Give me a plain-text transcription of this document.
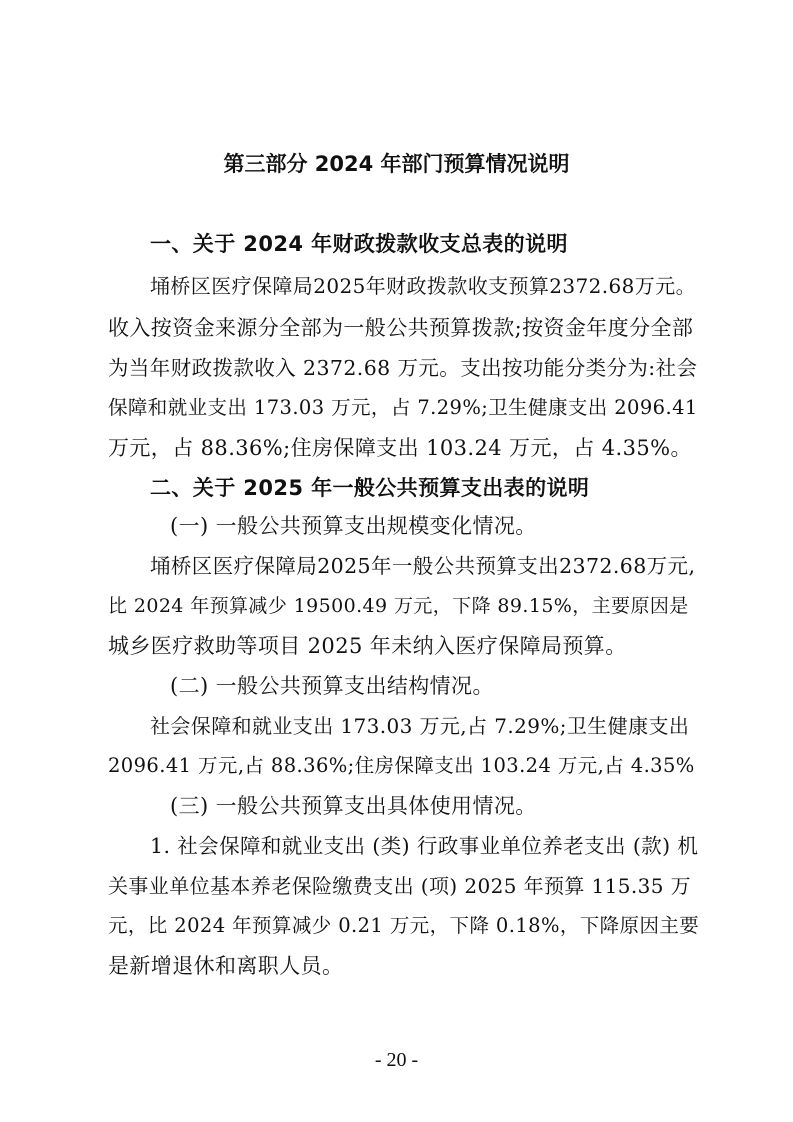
第三部分 2024 年部门预算情况说明
一、关于 2024 年财政拨款收支总表的说明
埇桥区医疗保障局2025年财政拨款收支预算2372.68万元。
收入按资金来源分全部为一般公共预算拨款;按资金年度分全部
为当年财政拨款收入 2372.68 万元。支出按功能分类分为:社会
保障和就业支出 173.03 万元，占 7.29%;卫生健康支出 2096.41
万元，占 88.36%;住房保障支出 103.24 万元，占 4.35%。
二、关于 2025 年一般公共预算支出表的说明
(一) 一般公共预算支出规模变化情况。
埇桥区医疗保障局2025年一般公共预算支出2372.68万元,
比 2024 年预算减少 19500.49 万元，下降 89.15%，主要原因是
城乡医疗救助等项目 2025 年未纳入医疗保障局预算。
(二) 一般公共预算支出结构情况。
社会保障和就业支出 173.03 万元,占 7.29%;卫生健康支出
2096.41 万元,占 88.36%;住房保障支出 103.24 万元,占 4.35%
(三) 一般公共预算支出具体使用情况。
1. 社会保障和就业支出 (类) 行政事业单位养老支出 (款) 机
关事业单位基本养老保险缴费支出 (项) 2025 年预算 115.35 万
元，比 2024 年预算减少 0.21 万元，下降 0.18%，下降原因主要
是新增退休和离职人员。
- 20 -
